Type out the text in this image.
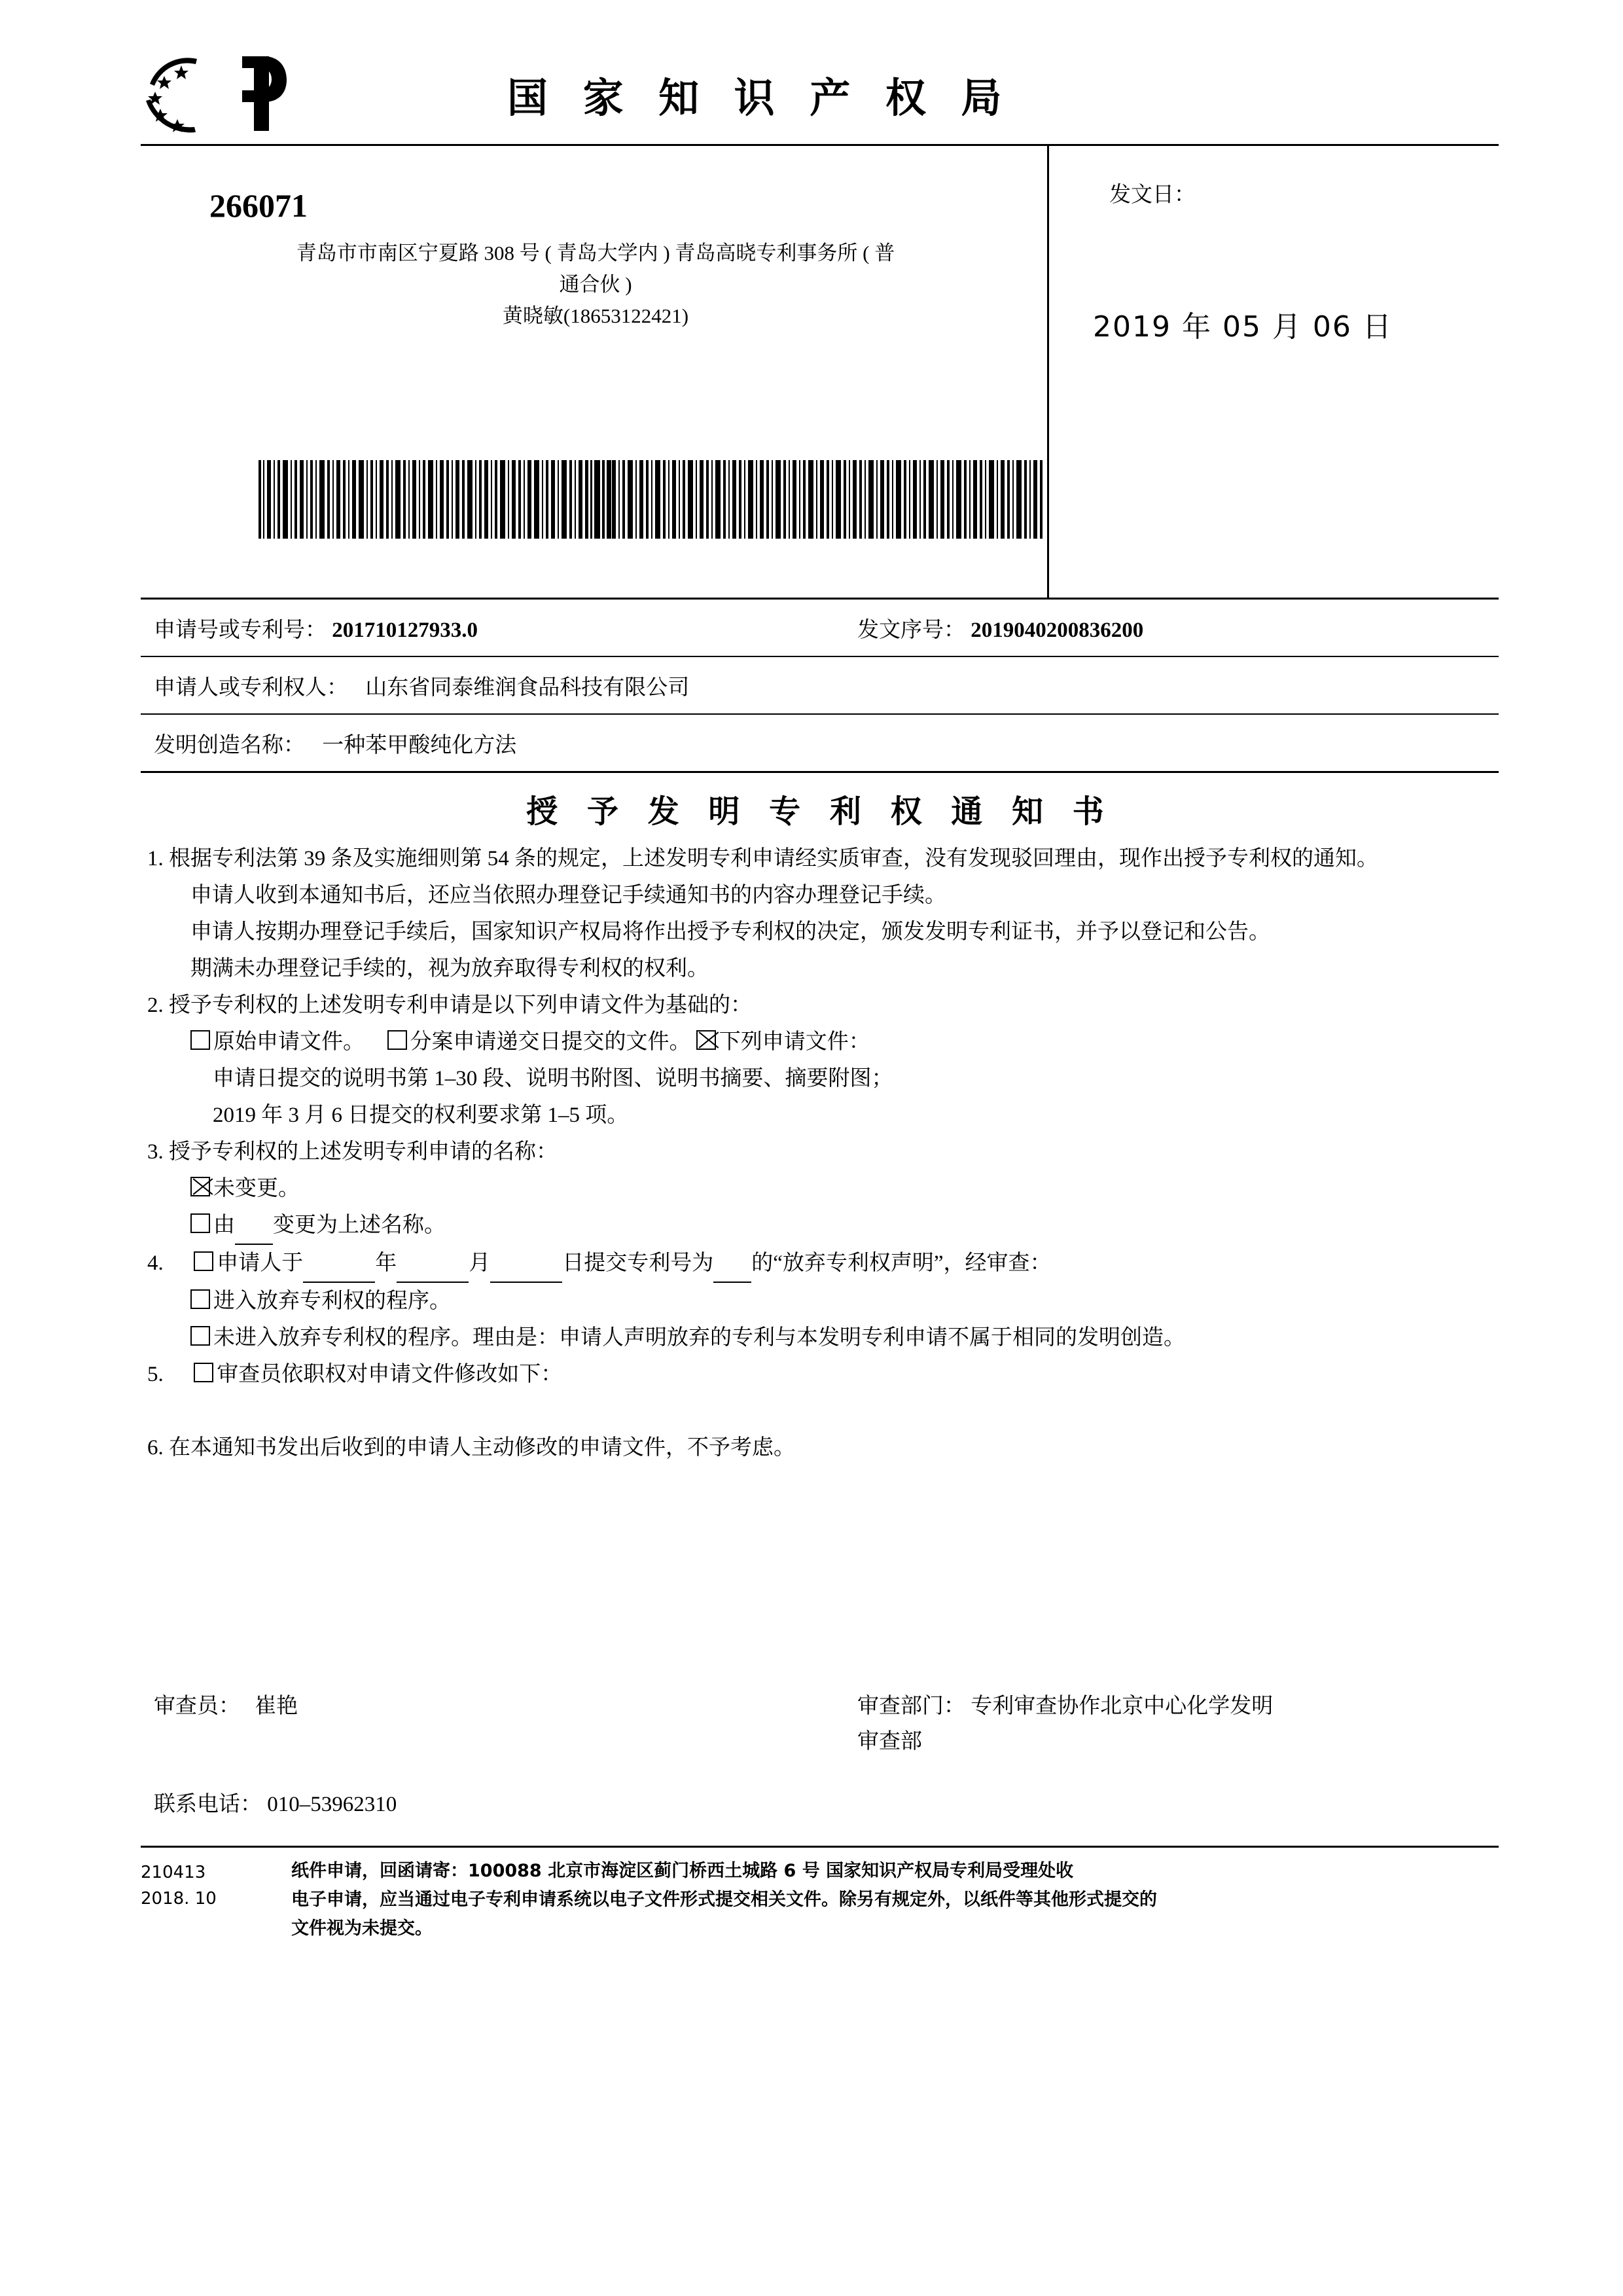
国 家 知 识 产 权 局
266071
青岛市市南区宁夏路 308 号 ( 青岛大学内 ) 青岛高晓专利事务所 ( 普
通合伙 )
黄晓敏(18653122421)
发文日：
2019 年 05 月 06 日
申请号或专利号： 201710127933.0	发文序号： 2019040200836200
申请人或专利权人： 山东省同泰维润食品科技有限公司
发明创造名称： 一种苯甲酸纯化方法
授 予 发 明 专 利 权 通 知 书

1. 根据专利法第 39 条及实施细则第 54 条的规定，上述发明专利申请经实质审查，没有发现驳回理由，现作出授予专利权的通知。

申请人收到本通知书后，还应当依照办理登记手续通知书的内容办理登记手续。

申请人按期办理登记手续后，国家知识产权局将作出授予专利权的决定，颁发发明专利证书，并予以登记和公告。

期满未办理登记手续的，视为放弃取得专利权的权利。

2. 授予专利权的上述发明专利申请是以下列申请文件为基础的：

原始申请文件。 分案申请递交日提交的文件。 下列申请文件：

申请日提交的说明书第 1–30 段、说明书附图、说明书摘要、摘要附图；

2019 年 3 月 6 日提交的权利要求第 1–5 项。

3. 授予专利权的上述发明专利申请的名称：

未变更。

由 变更为上述名称。

4. 申请人于	年	月	日提交专利号为 的“放弃专利权声明”，经审查：

进入放弃专利权的程序。

未进入放弃专利权的程序。理由是：申请人声明放弃的专利与本发明专利申请不属于相同的发明创造。

5. 审查员依职权对申请文件修改如下：

6. 在本通知书发出后收到的申请人主动修改的申请文件，不予考虑。

审查员： 崔艳
联系电话： 010–53962310
审查部门： 专利审查协作北京中心化学发明
审查部
210413
2018. 10
纸件申请，回函请寄：100088 北京市海淀区蓟门桥西土城路 6 号 国家知识产权局专利局受理处收
电子申请，应当通过电子专利申请系统以电子文件形式提交相关文件。除另有规定外，以纸件等其他形式提交的
文件视为未提交。
